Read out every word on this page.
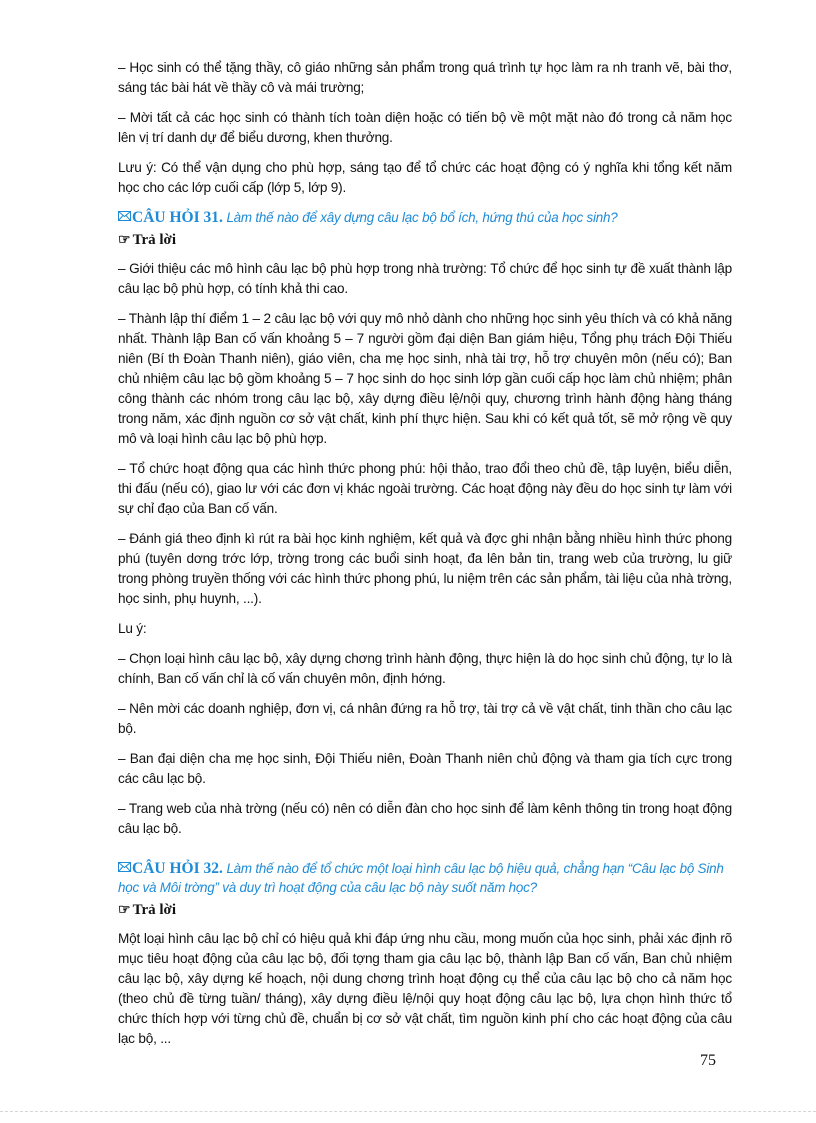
– Học sinh có thể tặng thầy, cô giáo những sản phẩm trong quá trình tự học làm ra nh tranh vẽ, bài thơ, sáng tác bài hát về thầy cô và mái trường;

– Mời tất cả các học sinh có thành tích toàn diện hoặc có tiến bộ về một mặt nào đó trong cả năm học lên vị trí danh dự để biểu dương, khen thưởng.

Lưu ý: Có thể vận dụng cho phù hợp, sáng tạo để tổ chức các hoạt động có ý nghĩa khi tổng kết năm học cho các lớp cuối cấp (lớp 5, lớp 9).

CÂU HỎI 31. Làm thế nào để xây dựng câu lạc bộ bổ ích, hứng thú của học sinh?
☞ Trả lời

– Giới thiệu các mô hình câu lạc bộ phù hợp trong nhà trường: Tổ chức để học sinh tự đề xuất thành lập câu lạc bộ phù hợp, có tính khả thi cao.

– Thành lập thí điểm 1 – 2 câu lạc bộ với quy mô nhỏ dành cho những học sinh yêu thích và có khả năng nhất. Thành lập Ban cố vấn khoảng 5 – 7 người gồm đại diện Ban giám hiệu, Tổng phụ trách Đội Thiếu niên (Bí th Đoàn Thanh niên), giáo viên, cha mẹ học sinh, nhà tài trợ, hỗ trợ chuyên môn (nếu có); Ban chủ nhiệm câu lạc bộ gồm khoảng 5 – 7 học sinh do học sinh lớp gần cuối cấp học làm chủ nhiệm; phân công thành các nhóm trong câu lạc bộ, xây dựng điều lệ/nội quy, chương trình hành động hàng tháng trong năm, xác định nguồn cơ sở vật chất, kinh phí thực hiện. Sau khi có kết quả tốt, sẽ mở rộng về quy mô và loại hình câu lạc bộ phù hợp.

– Tổ chức hoạt động qua các hình thức phong phú: hội thảo, trao đổi theo chủ đề, tập luyện, biểu diễn, thi đấu (nếu có), giao lư với các đơn vị khác ngoài trường. Các hoạt động này đều do học sinh tự làm với sự chỉ đạo của Ban cố vấn.

– Đánh giá theo định kì rút ra bài học kinh nghiệm, kết quả và đợc ghi nhận bằng nhiều hình thức phong phú (tuyên dơng trớc lớp, trờng trong các buổi sinh hoạt, đa lên bản tin, trang web của trường, lu giữ trong phòng truyền thống với các hình thức phong phú, lu niệm trên các sản phẩm, tài liệu của nhà trờng, học sinh, phụ huynh, ...).

Lu ý:

– Chọn loại hình câu lạc bộ, xây dựng chơng trình hành động, thực hiện là do học sinh chủ động, tự lo là chính, Ban cố vấn chỉ là cố vấn chuyên môn, định hớng.

– Nên mời các doanh nghiệp, đơn vị, cá nhân đứng ra hỗ trợ, tài trợ cả về vật chất, tinh thần cho câu lạc bộ.

– Ban đại diện cha mẹ học sinh, Đội Thiếu niên, Đoàn Thanh niên chủ động và tham gia tích cực trong các câu lạc bộ.

– Trang web của nhà trờng (nếu có) nên có diễn đàn cho học sinh để làm kênh thông tin trong hoạt động câu lạc bộ.

CÂU HỎI 32. Làm thế nào để tổ chức một loại hình câu lạc bộ hiệu quả, chẳng hạn “Câu lạc bộ Sinh học và Môi trờng” và duy trì hoạt động của câu lạc bộ này suốt năm học?
☞ Trả lời

Một loại hình câu lạc bộ chỉ có hiệu quả khi đáp ứng nhu cầu, mong muốn của học sinh, phải xác định rõ mục tiêu hoạt động của câu lạc bộ, đối tợng tham gia câu lạc bộ, thành lập Ban cố vấn, Ban chủ nhiệm câu lạc bộ, xây dựng kế hoạch, nội dung chơng trình hoạt động cụ thể của câu lạc bộ cho cả năm học (theo chủ đề từng tuần/ tháng), xây dựng điều lệ/nội quy hoạt động câu lạc bộ, lựa chọn hình thức tổ chức thích hợp với từng chủ đề, chuẩn bị cơ sở vật chất, tìm nguồn kinh phí cho các hoạt động của câu lạc bộ, ...

75
